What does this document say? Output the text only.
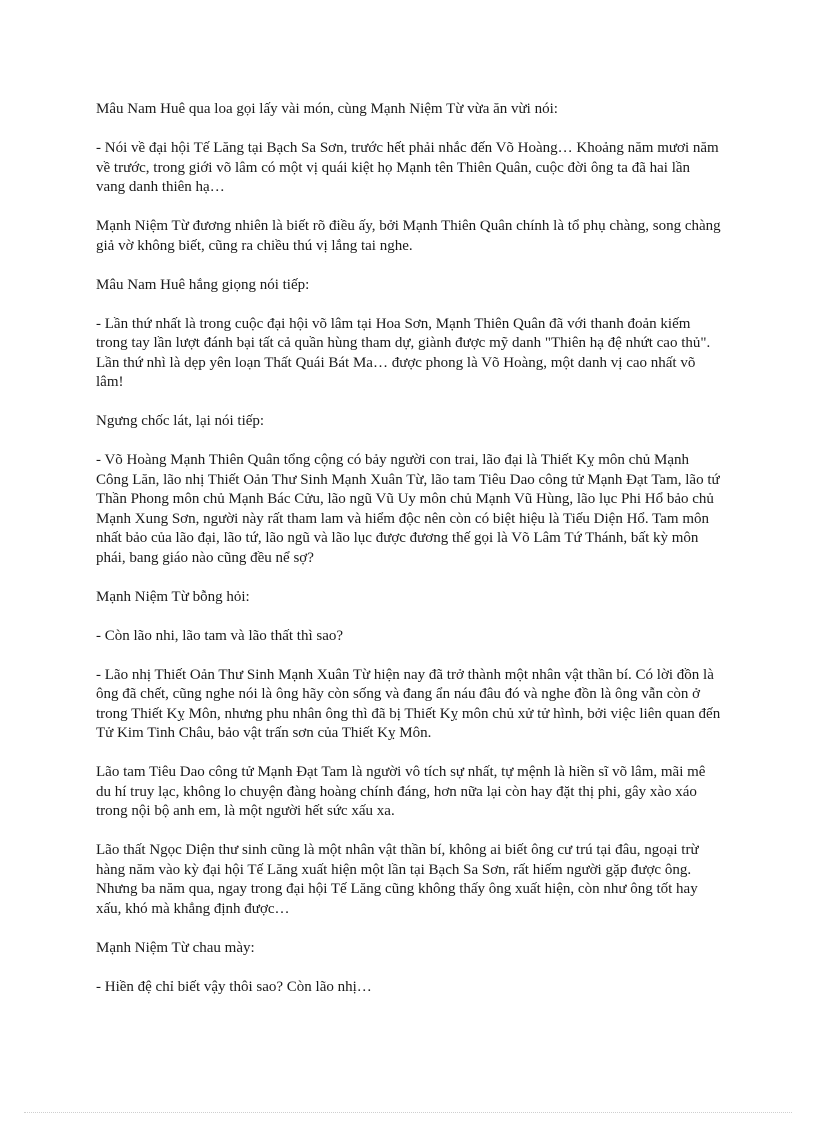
Mâu Nam Huê qua loa gọi lấy vài món, cùng Mạnh Niệm Từ vừa ăn vừi nói:

- Nói về đại hội Tế Lăng tại Bạch Sa Sơn, trước hết phải nhắc đến Võ Hoàng… Khoảng năm mươi năm về trước, trong giới võ lâm có một vị quái kiệt họ Mạnh tên Thiên Quân, cuộc đời ông ta đã hai lần vang danh thiên hạ…

Mạnh Niệm Từ đương nhiên là biết rõ điều ấy, bởi Mạnh Thiên Quân chính là tổ phụ chàng, song chàng giả vờ không biết, cũng ra chiều thú vị lắng tai nghe.

Mâu Nam Huê hắng giọng nói tiếp:

- Lần thứ nhất là trong cuộc đại hội võ lâm tại Hoa Sơn, Mạnh Thiên Quân đã với thanh đoản kiếm trong tay lần lượt đánh bại tất cả quần hùng tham dự, giành được mỹ danh "Thiên hạ đệ nhứt cao thủ". Lần thứ nhì là dẹp yên loạn Thất Quái Bát Ma… được phong là Võ Hoàng, một danh vị cao nhất võ lâm!

Ngưng chốc lát, lại nói tiếp:

- Võ Hoàng Mạnh Thiên Quân tổng cộng có bảy người con trai, lão đại là Thiết Kỵ môn chủ Mạnh Công Lăn, lão nhị Thiết Oản Thư Sinh Mạnh Xuân Từ, lão tam Tiêu Dao công tử Mạnh Đạt Tam, lão tứ Thần Phong môn chủ Mạnh Bác Cửu, lão ngũ Vũ Uy môn chủ Mạnh Vũ Hùng, lão lục Phi Hổ bảo chủ Mạnh Xung Sơn, người này rất tham lam và hiểm độc nên còn có biệt hiệu là Tiếu Diện Hổ. Tam môn nhất bảo của lão đại, lão tứ, lão ngũ và lão lục được đương thế gọi là Võ Lâm Tứ Thánh, bất kỳ môn phái, bang giáo nào cũng đều nể sợ?

Mạnh Niệm Từ bỗng hỏi:

- Còn lão nhi, lão tam và lão thất thì sao?

- Lão nhị Thiết Oản Thư Sinh Mạnh Xuân Từ hiện nay đã trở thành một nhân vật thần bí. Có lời đồn là ông đã chết, cũng nghe nói là ông hãy còn sống và đang ẩn náu đâu đó và nghe đồn là ông vẫn còn ở trong Thiết Kỵ Môn, nhưng phu nhân ông thì đã bị Thiết Kỵ môn chủ xử tử hình, bởi việc liên quan đến Tử Kim Tinh Châu, bảo vật trấn sơn của Thiết Kỵ Môn.

Lão tam Tiêu Dao công tử Mạnh Đạt Tam là người vô tích sự nhất, tự mệnh là hiền sĩ võ lâm, mãi mê du hí truy lạc, không lo chuyện đàng hoàng chính đáng, hơn nữa lại còn hay đặt thị phi, gây xào xáo trong nội bộ anh em, là một người hết sức xấu xa.

Lão thất Ngọc Diện thư sinh cũng là một nhân vật thần bí, không ai biết ông cư trú tại đâu, ngoại trừ hàng năm vào kỳ đại hội Tế Lăng xuất hiện một lần tại Bạch Sa Sơn, rất hiếm người gặp được ông. Nhưng ba năm qua, ngay trong đại hội Tế Lăng cũng không thấy ông xuất hiện, còn như ông tốt hay xấu, khó mà khẳng định được…

Mạnh Niệm Từ chau mày:

- Hiền đệ chỉ biết vậy thôi sao? Còn lão nhị…
